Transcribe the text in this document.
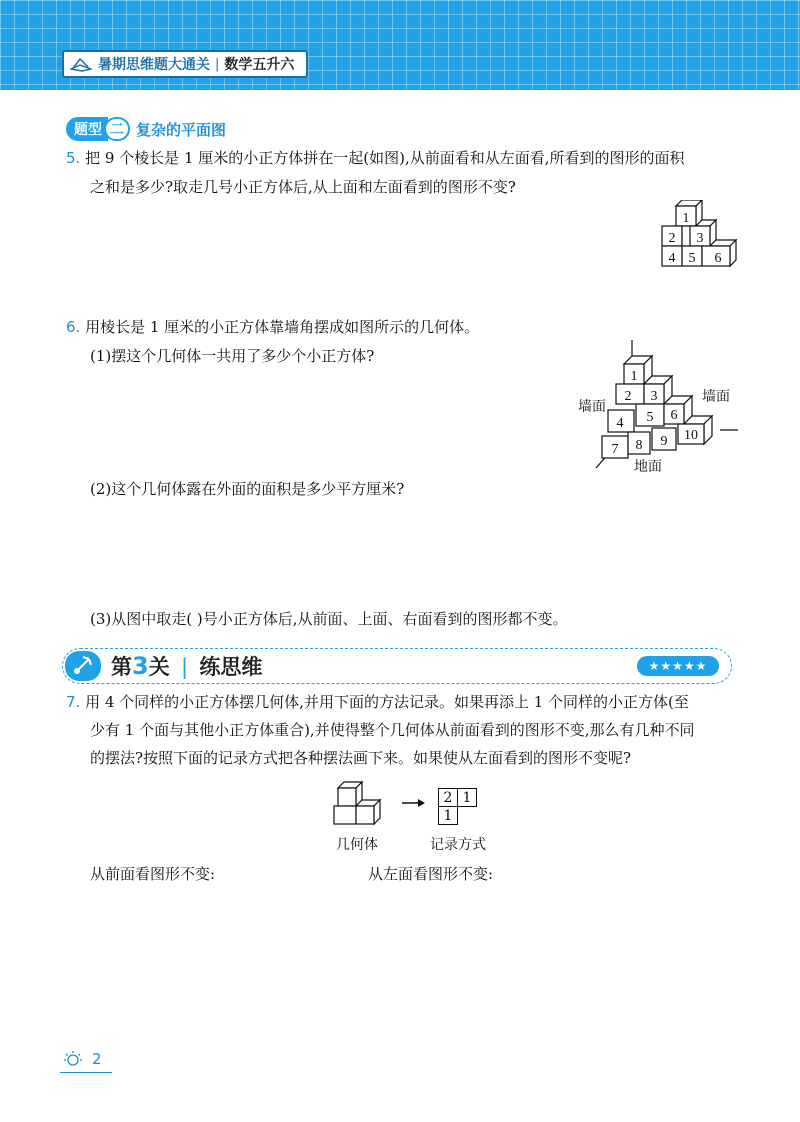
暑期思维题大通关 | 数学五升六
题型 二 复杂的平面图
5. 把 9 个棱长是 1 厘米的小正方体拼在一起(如图),从前面看和从左面看,所看到的图形的面积
之和是多少?取走几号小正方体后,从上面和左面看到的图形不变?
1
2 3
4 5 6
6. 用棱长是 1 厘米的小正方体靠墙角摆成如图所示的几何体。
(1)摆这个几何体一共用了多少个小正方体?
(2)这个几何体露在外面的面积是多少平方厘米?
(3)从图中取走( )号小正方体后,从前面、上面、右面看到的图形都不变。
墙面
墙面
地面
1
2 3
4 5 6
7 8 9 10
第3关 | 练思维	★★★★★
7. 用 4 个同样的小正方体摆几何体,并用下面的方法记录。如果再添上 1 个同样的小正方体(至
少有 1 个面与其他小正方体重合),并使得整个几何体从前面看到的图形不变,那么有几种不同
的摆法?按照下面的记录方式把各种摆法画下来。如果使从左面看到的图形不变呢?
2 1
1
几何体	记录方式
从前面看图形不变:	从左面看图形不变:
2
